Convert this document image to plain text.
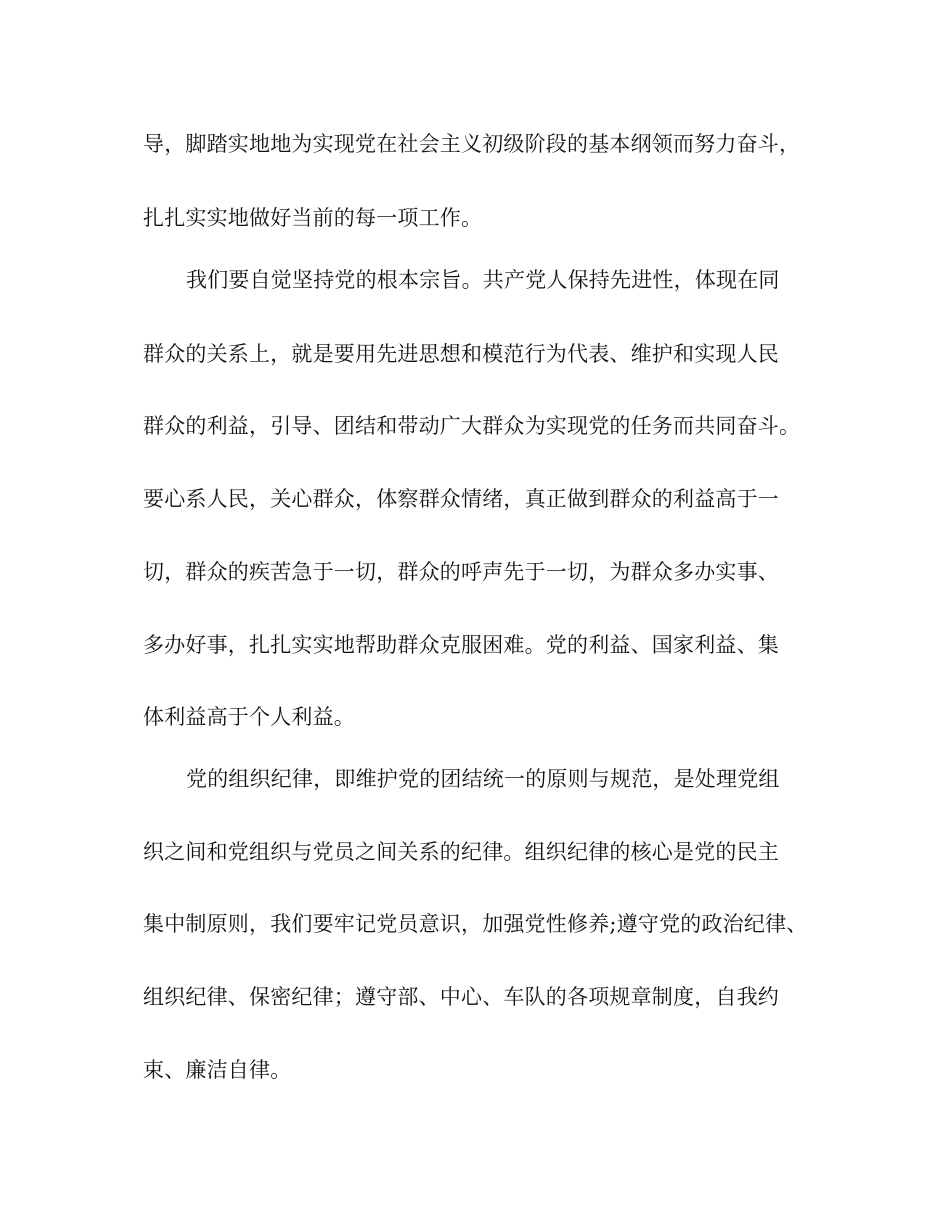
导，脚踏实地地为实现党在社会主义初级阶段的基本纲领而努力奋斗，
扎扎实实地做好当前的每一项工作。
我们要自觉坚持党的根本宗旨。共产党人保持先进性，体现在同
群众的关系上，就是要用先进思想和模范行为代表、维护和实现人民
群众的利益，引导、团结和带动广大群众为实现党的任务而共同奋斗。
要心系人民，关心群众，体察群众情绪，真正做到群众的利益高于一
切，群众的疾苦急于一切，群众的呼声先于一切，为群众多办实事、
多办好事，扎扎实实地帮助群众克服困难。党的利益、国家利益、集
体利益高于个人利益。
党的组织纪律，即维护党的团结统一的原则与规范，是处理党组
织之间和党组织与党员之间关系的纪律。组织纪律的核心是党的民主
集中制原则，我们要牢记党员意识，加强党性修养;遵守党的政治纪律、
组织纪律、保密纪律；遵守部、中心、车队的各项规章制度，自我约
束、廉洁自律。
